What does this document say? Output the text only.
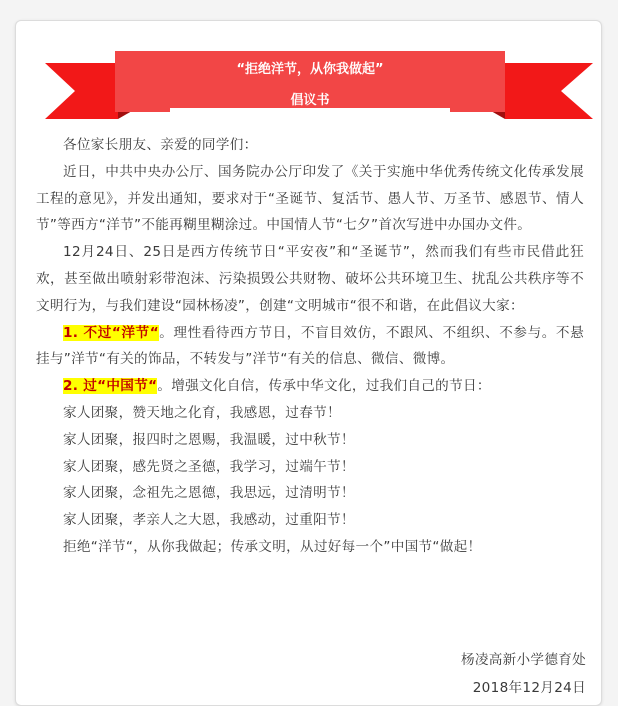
“拒绝洋节，从你我做起”
倡议书

各位家长朋友、亲爱的同学们：

近日，中共中央办公厅、国务院办公厅印发了《关于实施中华优秀传统文化传承发展工程的意见》，并发出通知，要求对于“圣诞节、复活节、愚人节、万圣节、感恩节、情人节”等西方“洋节”不能再糊里糊涂过。中国情人节“七夕”首次写进中办国办文件。

12月24日、25日是西方传统节日“平安夜”和“圣诞节”，然而我们有些市民借此狂欢，甚至做出喷射彩带泡沫、污染损毁公共财物、破坏公共环境卫生、扰乱公共秩序等不文明行为，与我们建设“园林杨凌”，创建“文明城市“很不和谐，在此倡议大家：

1. 不过“洋节“。理性看待西方节日，不盲目效仿，不跟风、不组织、不参与。不悬挂与”洋节“有关的饰品，不转发与”洋节“有关的信息、微信、微博。

2. 过“中国节“。增强文化自信，传承中华文化，过我们自己的节日：

家人团聚，赞天地之化育，我感恩，过春节！

家人团聚，报四时之恩赐，我温暖，过中秋节！

家人团聚，感先贤之圣德，我学习，过端午节！

家人团聚，念祖先之恩德，我思远，过清明节！

家人团聚，孝亲人之大恩，我感动，过重阳节！

拒绝“洋节“，从你我做起；传承文明，从过好每一个”中国节“做起！

杨凌高新小学德育处
2018年12月24日
